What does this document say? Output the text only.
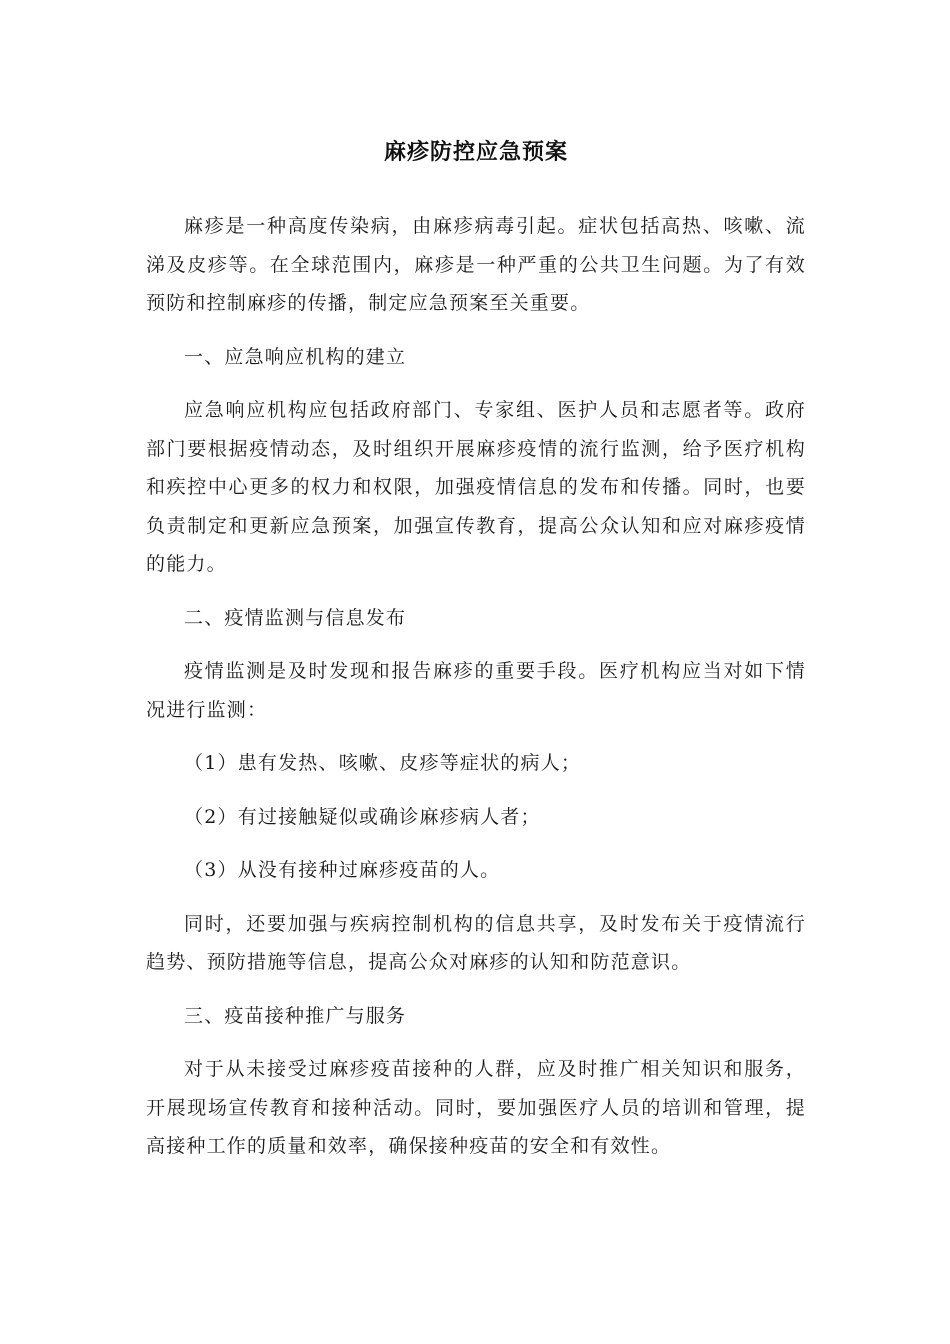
麻疹防控应急预案

麻疹是一种高度传染病，由麻疹病毒引起。症状包括高热、咳嗽、流涕及皮疹等。在全球范围内，麻疹是一种严重的公共卫生问题。为了有效预防和控制麻疹的传播，制定应急预案至关重要。

一、应急响应机构的建立

应急响应机构应包括政府部门、专家组、医护人员和志愿者等。政府部门要根据疫情动态，及时组织开展麻疹疫情的流行监测，给予医疗机构和疾控中心更多的权力和权限，加强疫情信息的发布和传播。同时，也要负责制定和更新应急预案，加强宣传教育，提高公众认知和应对麻疹疫情的能力。

二、疫情监测与信息发布

疫情监测是及时发现和报告麻疹的重要手段。医疗机构应当对如下情况进行监测：

（1）患有发热、咳嗽、皮疹等症状的病人；

（2）有过接触疑似或确诊麻疹病人者；

（3）从没有接种过麻疹疫苗的人。

同时，还要加强与疾病控制机构的信息共享，及时发布关于疫情流行趋势、预防措施等信息，提高公众对麻疹的认知和防范意识。

三、疫苗接种推广与服务

对于从未接受过麻疹疫苗接种的人群，应及时推广相关知识和服务，开展现场宣传教育和接种活动。同时，要加强医疗人员的培训和管理，提高接种工作的质量和效率，确保接种疫苗的安全和有效性。
